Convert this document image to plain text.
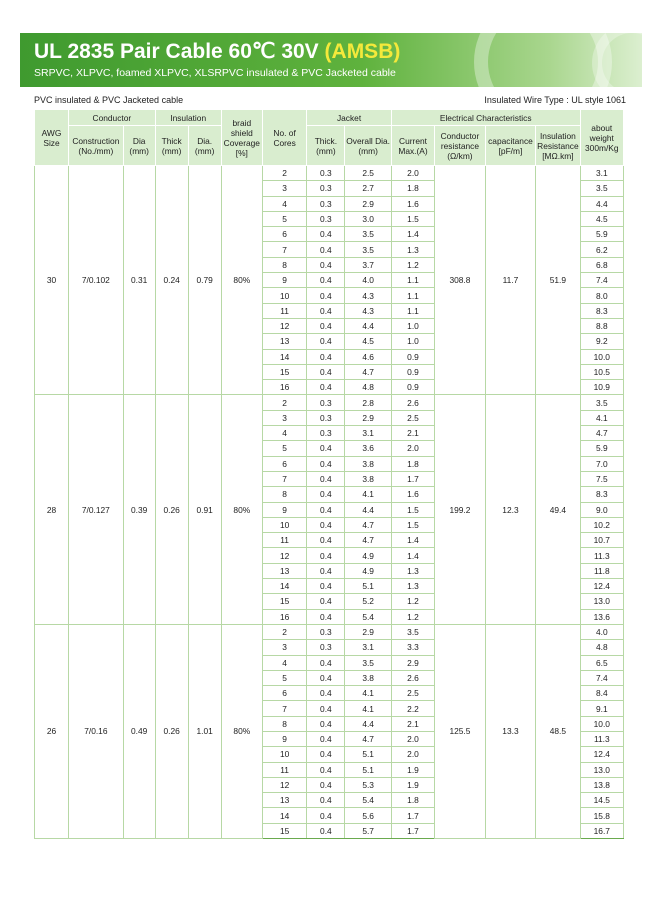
UL 2835 Pair Cable 60℃ 30V (AMSB)
SRPVC, XLPVC, foamed XLPVC, XLSRPVC insulated & PVC Jacketed cable
PVC insulated & PVC Jacketed cable	Insulated Wire Type : UL style 1061
AWG Size	Conductor		Insulation		braid shield Coverage [%]	No. of Cores	Jacket		Electrical Characteristics				about weight 300m/Kg
	Construction (No./mm)	Dia (mm)	Thick (mm)	Dia. (mm)			Thick. (mm)	Overall Dia.(mm)	Current Max.(A)	Conductor resistance (Ω/km)	capacitance [pF/m]	Insulation Resistance [MΩ.km]	
30	7/0.102	0.31	0.24	0.79	80%	2	0.3	2.5	2.0	308.8	11.7	51.9	3.1
						3	0.3	2.7	1.8				3.5
						4	0.3	2.9	1.6				4.4
						5	0.3	3.0	1.5				4.5
						6	0.4	3.5	1.4				5.9
						7	0.4	3.5	1.3				6.2
						8	0.4	3.7	1.2				6.8
						9	0.4	4.0	1.1				7.4
						10	0.4	4.3	1.1				8.0
						11	0.4	4.3	1.1				8.3
						12	0.4	4.4	1.0				8.8
						13	0.4	4.5	1.0				9.2
						14	0.4	4.6	0.9				10.0
						15	0.4	4.7	0.9				10.5
						16	0.4	4.8	0.9				10.9
28	7/0.127	0.39	0.26	0.91	80%	2	0.3	2.8	2.6	199.2	12.3	49.4	3.5
						3	0.3	2.9	2.5				4.1
						4	0.3	3.1	2.1				4.7
						5	0.4	3.6	2.0				5.9
						6	0.4	3.8	1.8				7.0
						7	0.4	3.8	1.7				7.5
						8	0.4	4.1	1.6				8.3
						9	0.4	4.4	1.5				9.0
						10	0.4	4.7	1.5				10.2
						11	0.4	4.7	1.4				10.7
						12	0.4	4.9	1.4				11.3
						13	0.4	4.9	1.3				11.8
						14	0.4	5.1	1.3				12.4
						15	0.4	5.2	1.2				13.0
						16	0.4	5.4	1.2				13.6
26	7/0.16	0.49	0.26	1.01	80%	2	0.3	2.9	3.5	125.5	13.3	48.5	4.0
						3	0.3	3.1	3.3				4.8
						4	0.4	3.5	2.9				6.5
						5	0.4	3.8	2.6				7.4
						6	0.4	4.1	2.5				8.4
						7	0.4	4.1	2.2				9.1
						8	0.4	4.4	2.1				10.0
						9	0.4	4.7	2.0				11.3
						10	0.4	5.1	2.0				12.4
						11	0.4	5.1	1.9				13.0
						12	0.4	5.3	1.9				13.8
						13	0.4	5.4	1.8				14.5
						14	0.4	5.6	1.7				15.8
						15	0.4	5.7	1.7				16.7
